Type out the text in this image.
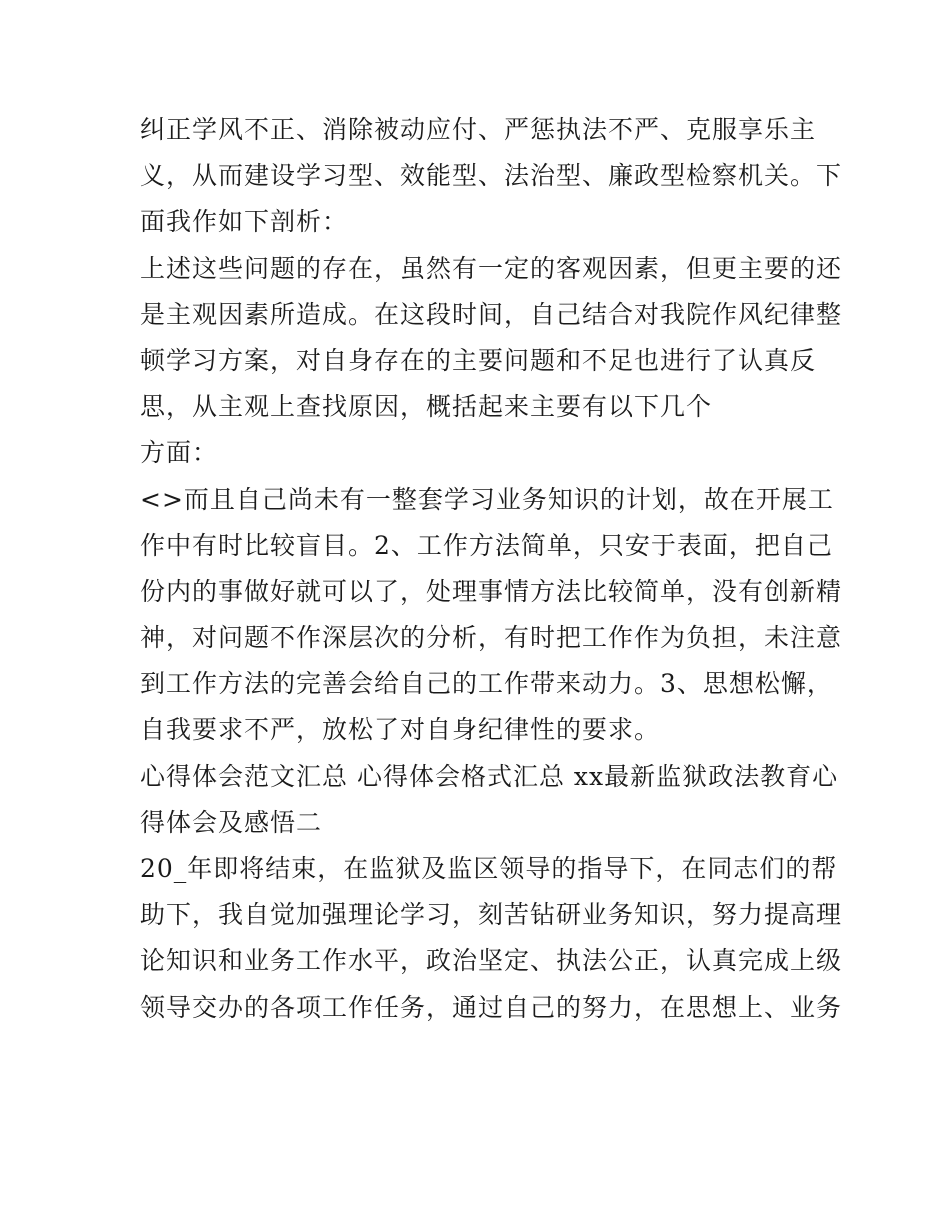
纠正学风不正、消除被动应付、严惩执法不严、克服享乐主
义，从而建设学习型、效能型、法治型、廉政型检察机关。下
面我作如下剖析：
上述这些问题的存在，虽然有一定的客观因素，但更主要的还
是主观因素所造成。在这段时间，自己结合对我院作风纪律整
顿学习方案，对自身存在的主要问题和不足也进行了认真反
思，从主观上查找原因，概括起来主要有以下几个
方面：
<>而且自己尚未有一整套学习业务知识的计划，故在开展工
作中有时比较盲目。2、工作方法简单，只安于表面，把自己
份内的事做好就可以了，处理事情方法比较简单，没有创新精
神，对问题不作深层次的分析，有时把工作作为负担，未注意
到工作方法的完善会给自己的工作带来动力。3、思想松懈，
自我要求不严，放松了对自身纪律性的要求。
心得体会范文汇总 心得体会格式汇总 xx最新监狱政法教育心
得体会及感悟二
20_年即将结束，在监狱及监区领导的指导下，在同志们的帮
助下，我自觉加强理论学习，刻苦钻研业务知识，努力提高理
论知识和业务工作水平，政治坚定、执法公正，认真完成上级
领导交办的各项工作任务，通过自己的努力，在思想上、业务
